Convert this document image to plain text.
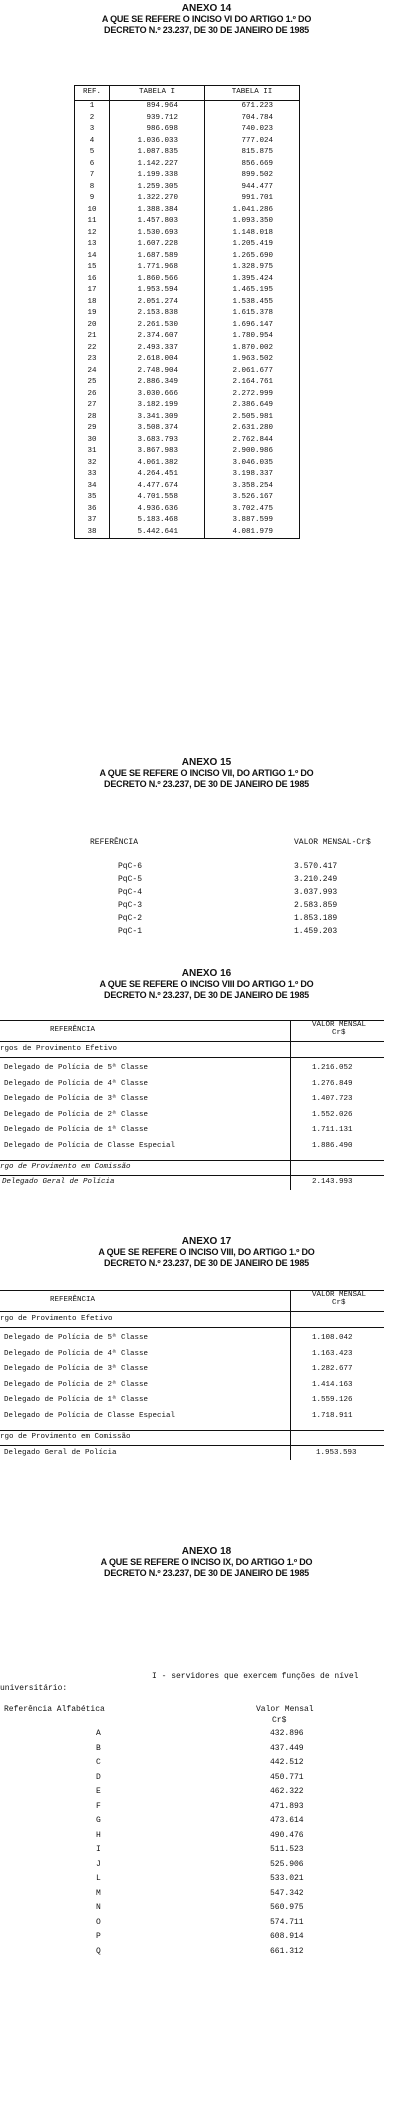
ANEXO 14

A QUE SE REFERE O INCISO VI DO ARTIGO 1.º DO
DECRETO N.º 23.237, DE 30 DE JANEIRO DE 1985
REF.	TABELA I	TABELA II
1	894.964	671.223
2	939.712	704.784
3	986.698	740.023
4	1.036.033	777.024
5	1.087.835	815.875
6	1.142.227	856.669
7	1.199.338	899.502
8	1.259.305	944.477
9	1.322.270	991.701
10	1.388.384	1.041.286
11	1.457.803	1.093.350
12	1.530.693	1.148.018
13	1.607.228	1.205.419
14	1.687.589	1.265.690
15	1.771.968	1.328.975
16	1.860.566	1.395.424
17	1.953.594	1.465.195
18	2.051.274	1.538.455
19	2.153.838	1.615.378
20	2.261.530	1.696.147
21	2.374.607	1.780.954
22	2.493.337	1.870.002
23	2.618.004	1.963.502
24	2.748.904	2.061.677
25	2.886.349	2.164.761
26	3.030.666	2.272.999
27	3.182.199	2.386.649
28	3.341.309	2.505.981
29	3.508.374	2.631.280
30	3.683.793	2.762.844
31	3.867.983	2.900.986
32	4.061.382	3.046.035
33	4.264.451	3.198.337
34	4.477.674	3.358.254
35	4.701.558	3.526.167
36	4.936.636	3.702.475
37	5.183.468	3.887.599
38	5.442.641	4.081.979
ANEXO 15

A QUE SE REFERE O INCISO VII, DO ARTIGO 1.º DO
DECRETO N.º 23.237, DE 30 DE JANEIRO DE 1985
REFERÊNCIA	VALOR MENSAL-Cr$
PqC-6	3.570.417
PqC-5	3.210.249
PqC-4	3.037.993
PqC-3	2.583.859
PqC-2	1.853.189
PqC-1	1.459.203
ANEXO 16

A QUE SE REFERE O INCISO VIII DO ARTIGO 1.º DO
DECRETO N.º 23.237, DE 30 DE JANEIRO DE 1985
REFERÊNCIA
VALOR MENSAL
Cr$
rgos de Provimento Efetivo
Delegado de Polícia de 5ª Classe	1.216.052
Delegado de Polícia de 4ª Classe	1.276.849
Delegado de Polícia de 3ª Classe	1.407.723
Delegado de Polícia de 2ª Classe	1.552.026
Delegado de Polícia de 1ª Classe	1.711.131
Delegado de Polícia de Classe Especial	1.886.490
rgo de Provimento em Comissão
Delegado Geral de Polícia	2.143.993
ANEXO 17

A QUE SE REFERE O INCISO VIII, DO ARTIGO 1.º DO
DECRETO N.º 23.237, DE 30 DE JANEIRO DE 1985
REFERÊNCIA
VALOR MENSAL
Cr$
rgo de Provimento Efetivo
Delegado de Polícia de 5ª Classe	1.108.042
Delegado de Polícia de 4ª Classe	1.163.423
Delegado de Polícia de 3ª Classe	1.282.677
Delegado de Polícia de 2ª Classe	1.414.163
Delegado de Polícia de 1ª Classe	1.559.126
Delegado de Polícia de Classe Especial	1.718.911
rgo de Provimento em Comissão
Delegado Geral de Polícia	1.953.593
ANEXO 18

A QUE SE REFERE O INCISO IX, DO ARTIGO 1.º DO
DECRETO N.º 23.237, DE 30 DE JANEIRO DE 1985
I - servidores que exercem funções de nível
universitário:
Referência Alfabética	Valor Mensal
Cr$
A	432.896
B	437.449
C	442.512
D	450.771
E	462.322
F	471.893
G	473.614
H	490.476
I	511.523
J	525.906
L	533.021
M	547.342
N	560.975
O	574.711
P	608.914
Q	661.312
